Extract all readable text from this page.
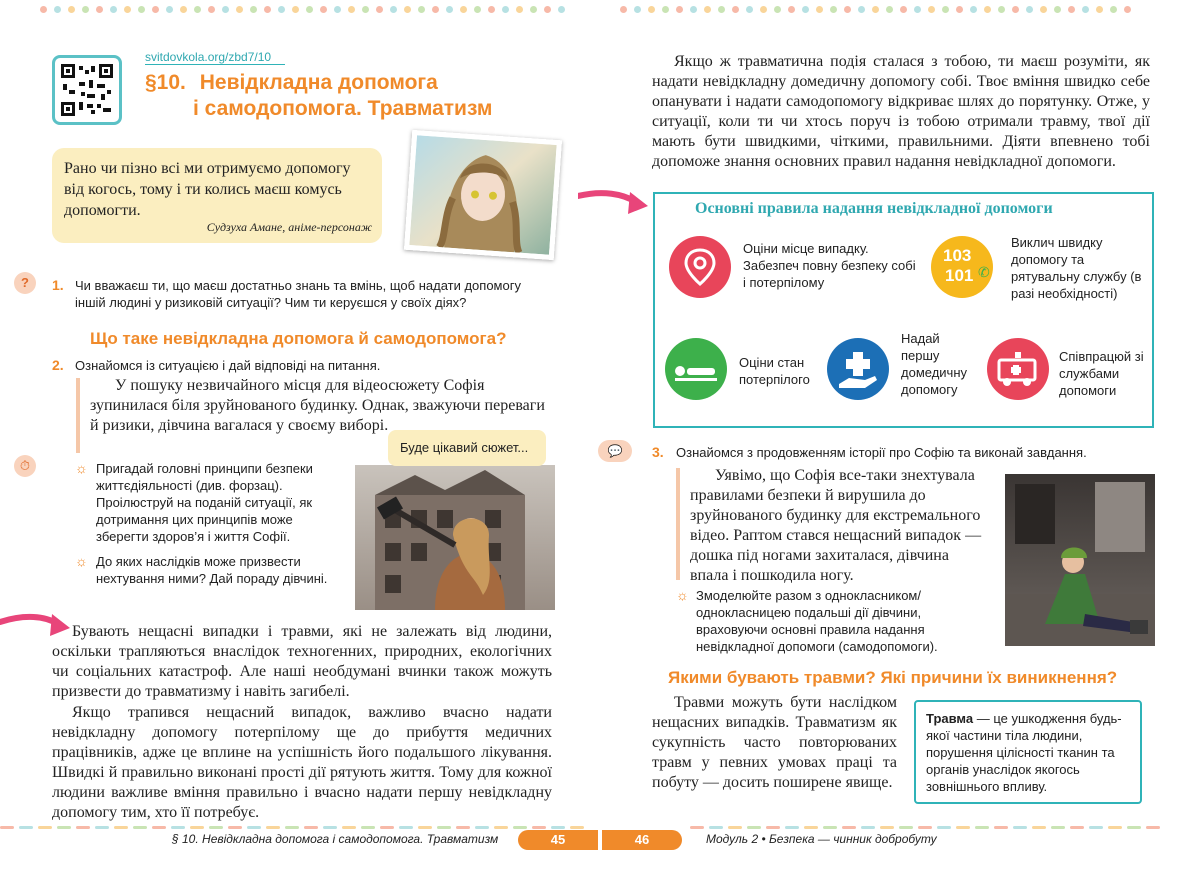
svitdovkola.org/zbd7/10
§10. Невідкладна допомога
і самодопомога. Травматизм
Рано чи пізно всі ми отримуємо допомогу від когось, тому і ти колись маєш комусь допомогти.
Судзуха Амане, аніме-персонаж
?	1. Чи вважаєш ти, що маєш достатньо знань та вмінь, щоб надати допомогу іншій людині у ризиковій ситуації? Чим ти керуєшся у своїх діях?
Що таке невідкладна допомога й самодопомога?
2. Ознайомся із ситуацією і дай відповіді на питання.
У пошуку незвичайного місця для відеосюжету Софія зупинилася біля зруйнованого будинку. Однак, зважуючи переваги й ризики, дівчина вагалася у своєму виборі.
⏱	☼ Пригадай головні принципи безпеки життєдіяльності (див. форзац). Проілюструй на поданій ситуації, як дотримання цих принципів може зберегти здоров’я і життя Софії.
☼ До яких наслідків може призвести нехтування ними? Дай пораду дівчині.
Буде цікавий сюжет...
Бувають нещасні випадки і травми, які не залежать від людини, оскільки трапляються внаслідок техногенних, природних, екологічних чи соціальних катастроф. Але наші необдумані вчинки також можуть призвести до травматизму і навіть загибелі.
Якщо трапився нещасний випадок, важливо вчасно надати невідкладну допомогу потерпілому ще до прибуття медичних працівників, адже це вплине на успішність його подальшого лікування. Швидкі й правильно виконані прості дії рятують життя. Тому для кожної людини важливе вміння правильно і вчасно надати першу невідкладну допомогу тим, хто її потребує.
Якщо ж травматична подія сталася з тобою, ти маєш розуміти, як надати невідкладну домедичну допомогу собі. Твоє вміння швидко себе опанувати і надати самодопомогу відкриває шлях до порятунку. Отже, у ситуації, коли ти чи хтось поруч із тобою отримали травму, твої дії мають бути швидкими, чіткими, правильними. Діяти впевнено тобі допоможе знання основних правил надання невідкладної допомоги.
Основні правила надання невідкладної допомоги
Оціни місце випадку. Забезпеч повну безпеку собі і потерпілому
103
101 ✆
Виклич швидку допомогу та рятувальну службу (в разі необхідності)
Оціни стан потерпілого
Надай першу домедичну допомогу
Співпрацюй зі службами допомоги
💬	3. Ознайомся з продовженням історії про Софію та виконай завдання.
Уявімо, що Софія все-таки знехтувала правилами безпеки й вирушила до зруйнованого будинку для екстремального відео. Раптом стався нещасний випадок — дошка під ногами захиталася, дівчина впала і пошкодила ногу.
☼ Змоделюйте разом з однокласником/однокласницею подальші дії дівчини, враховуючи основні правила надання невідкладної допомоги (самодопомоги).
Якими бувають травми? Які причини їх виникнення?
Травми можуть бути наслідком нещасних випадків. Травматизм як сукупність часто повторюваних травм у певних умовах праці та побуту — досить поширене явище.
Травма — це ушкодження будь-якої частини тіла людини, порушення цілісності тканин та органів унаслідок якогось зовнішнього впливу.
§ 10. Невідкладна допомога і самодопомога. Травматизм	45	46	Модуль 2 • Безпека — чинник добробуту
